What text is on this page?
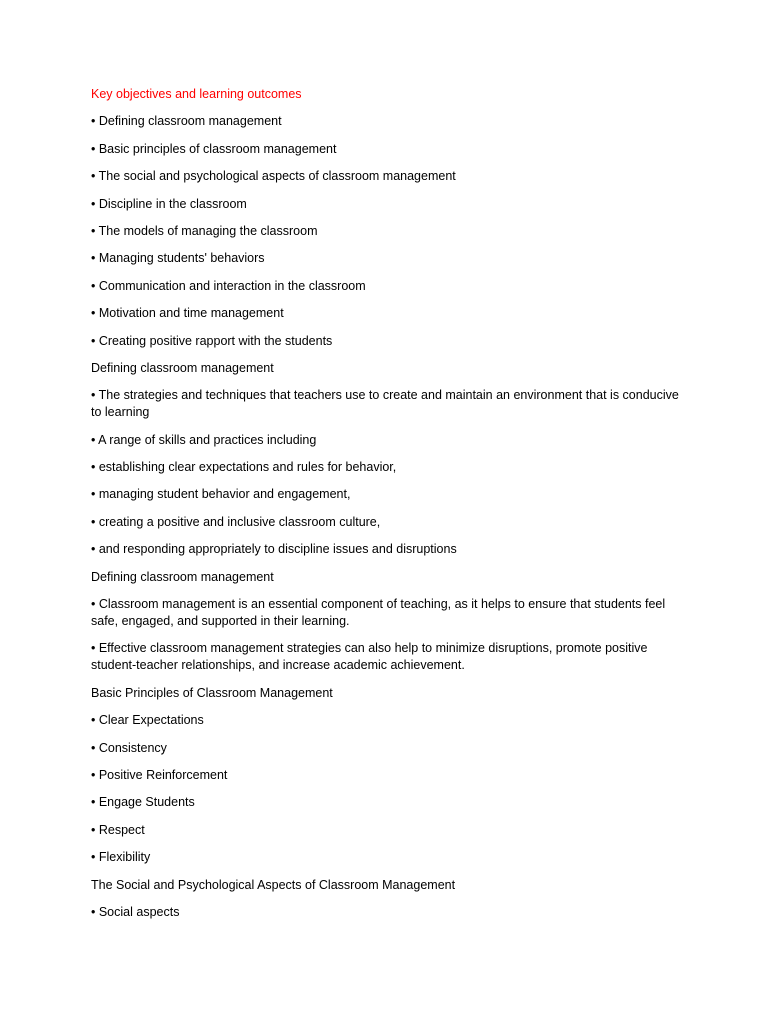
Key objectives and learning outcomes

• Defining classroom management

• Basic principles of classroom management

• The social and psychological aspects of classroom management

• Discipline in the classroom

• The models of managing the classroom

• Managing students' behaviors

• Communication and interaction in the classroom

• Motivation and time management

• Creating positive rapport with the students

Defining classroom management

• The strategies and techniques that teachers use to create and maintain an environment that is conducive to learning

• A range of skills and practices including

• establishing clear expectations and rules for behavior,

• managing student behavior and engagement,

• creating a positive and inclusive classroom culture,

• and responding appropriately to discipline issues and disruptions

Defining classroom management

• Classroom management is an essential component of teaching, as it helps to ensure that students feel safe, engaged, and supported in their learning.

• Effective classroom management strategies can also help to minimize disruptions, promote positive student-teacher relationships, and increase academic achievement.

Basic Principles of Classroom Management

• Clear Expectations

• Consistency

• Positive Reinforcement

• Engage Students

• Respect

• Flexibility

The Social and Psychological Aspects of Classroom Management

• Social aspects
